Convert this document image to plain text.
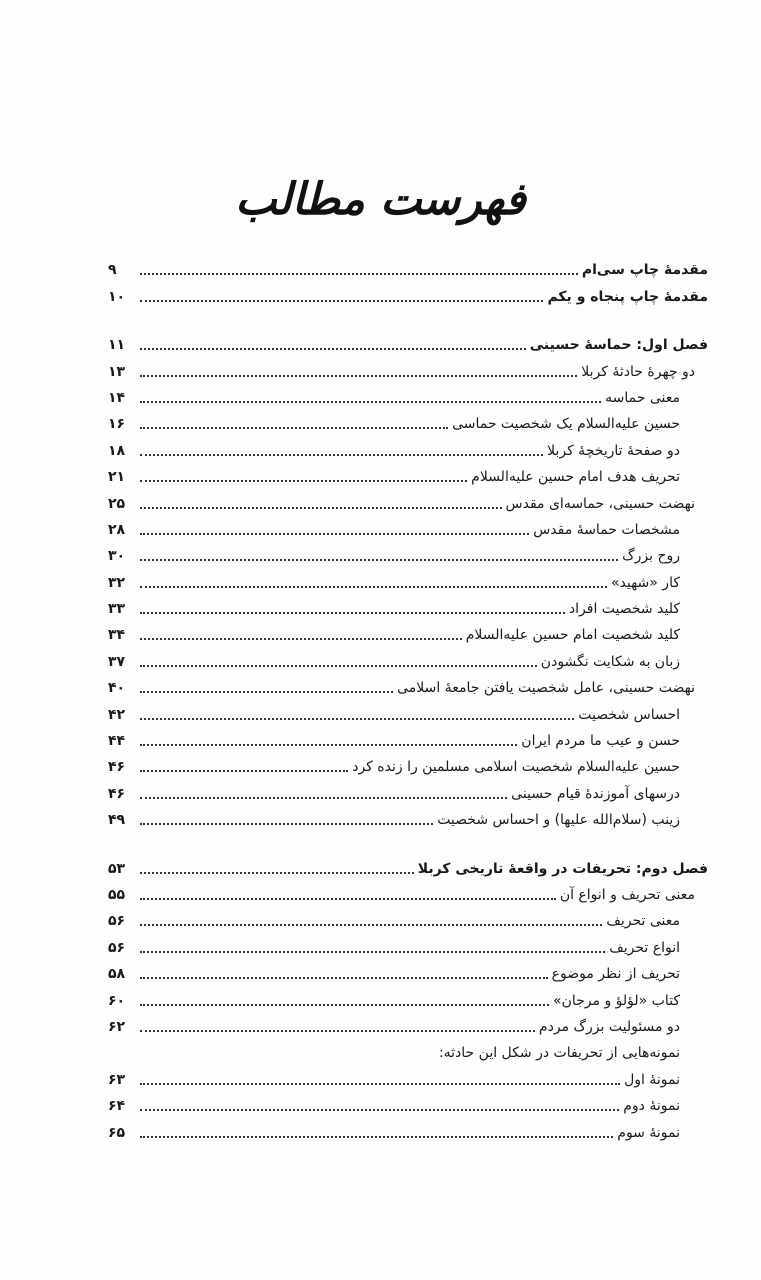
فهرست مطالب
مقدمۀ چاپ سی‌ام
۹
مقدمۀ چاپ پنجاه و یکم
۱۰
فصل اول: حماسۀ حسینی
۱۱
دو چهرۀ حادثۀ کربلا
۱۳
معنی حماسه
۱۴
حسین علیه‌السلام یک شخصیت حماسی
۱۶
دو صفحۀ تاریخچۀ کربلا
۱۸
تحریف هدف امام حسین علیه‌السلام
۲۱
نهضت حسینی، حماسه‌ای مقدس
۲۵
مشخصات حماسۀ مقدس
۲۸
روح بزرگ
۳۰
کار «شهید»
۳۲
کلید شخصیت افراد
۳۳
کلید شخصیت امام حسین علیه‌السلام
۳۴
زبان به شکایت نگشودن
۳۷
نهضت حسینی، عامل شخصیت یافتن جامعۀ اسلامی
۴۰
احساس شخصیت
۴۲
حسن و عیب ما مردم ایران
۴۴
حسین علیه‌السلام شخصیت اسلامی مسلمین را زنده کرد
۴۶
درسهای آموزندۀ قیام حسینی
۴۶
زینب (سلام‌الله علیها) و احساس شخصیت
۴۹
فصل دوم: تحریفات در واقعۀ تاریخی کربلا
۵۳
معنی تحریف و انواع آن
۵۵
معنی تحریف
۵۶
انواع تحریف
۵۶
تحریف از نظر موضوع
۵۸
کتاب «لؤلؤ و مرجان»
۶۰
دو مسئولیت بزرگ مردم
۶۲
نمونه‌هایی از تحریفات در شکل این حادثه:
نمونۀ اول
۶۳
نمونۀ دوم
۶۴
نمونۀ سوم
۶۵
